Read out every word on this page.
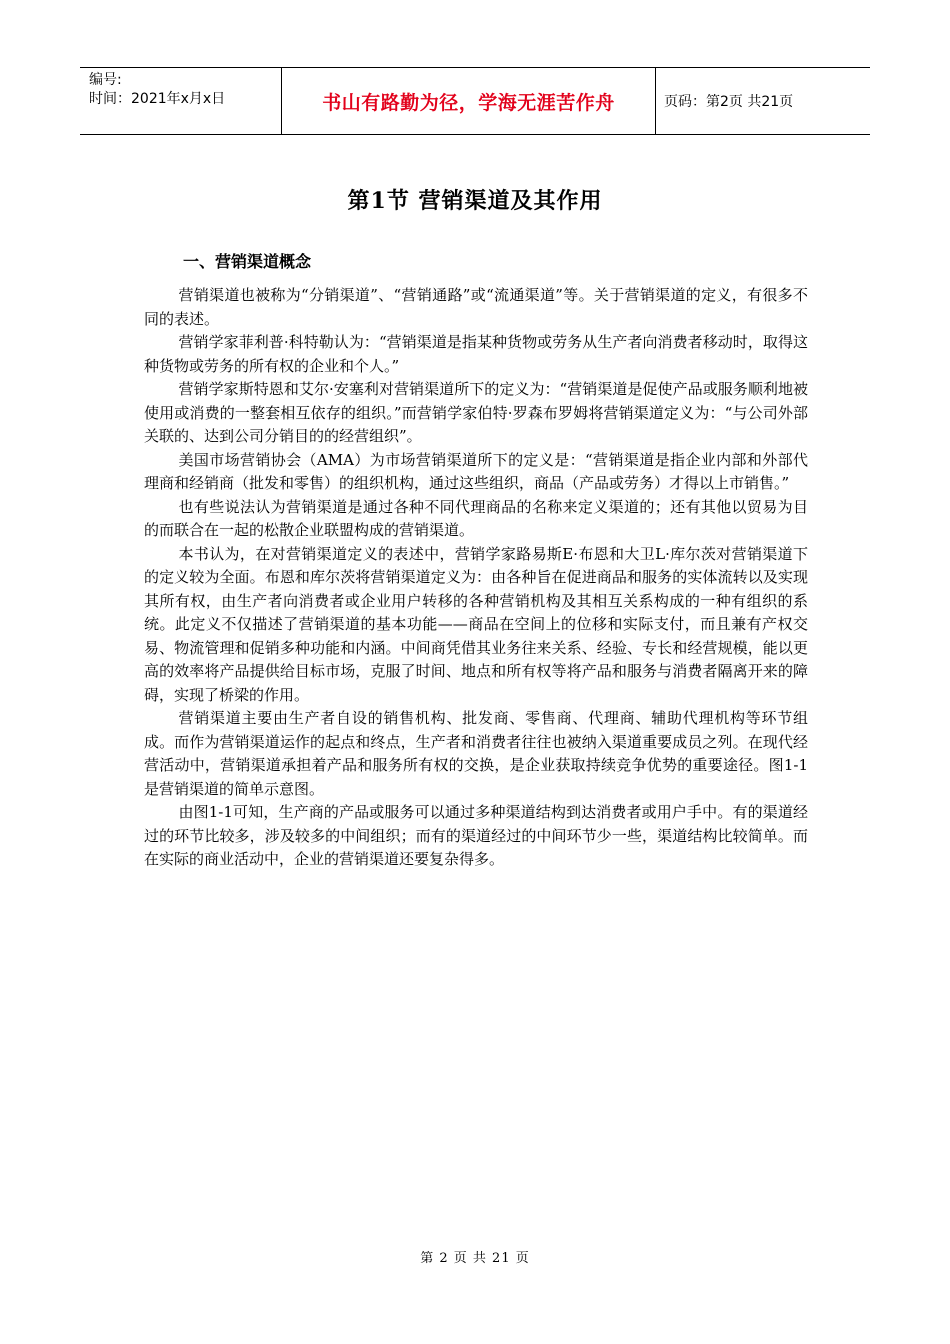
编号:
时间：2021年x月x日	书山有路勤为径，学海无涯苦作舟	页码：第2页 共21页
第1节 营销渠道及其作用
一、营销渠道概念

营销渠道也被称为“分销渠道”、“营销通路”或“流通渠道”等。关于营销渠道的定义，有很多不同的表述。

营销学家菲利普·科特勒认为：“营销渠道是指某种货物或劳务从生产者向消费者移动时，取得这种货物或劳务的所有权的企业和个人。”

营销学家斯特恩和艾尔·安塞利对营销渠道所下的定义为：“营销渠道是促使产品或服务顺利地被使用或消费的一整套相互依存的组织。”而营销学家伯特·罗森布罗姆将营销渠道定义为：“与公司外部关联的、达到公司分销目的的经营组织”。

美国市场营销协会（AMA）为市场营销渠道所下的定义是：“营销渠道是指企业内部和外部代理商和经销商（批发和零售）的组织机构，通过这些组织，商品（产品或劳务）才得以上市销售。”

也有些说法认为营销渠道是通过各种不同代理商品的名称来定义渠道的；还有其他以贸易为目的而联合在一起的松散企业联盟构成的营销渠道。

本书认为，在对营销渠道定义的表述中，营销学家路易斯E·布恩和大卫L·库尔茨对营销渠道下的定义较为全面。布恩和库尔茨将营销渠道定义为：由各种旨在促进商品和服务的实体流转以及实现其所有权，由生产者向消费者或企业用户转移的各种营销机构及其相互关系构成的一种有组织的系统。此定义不仅描述了营销渠道的基本功能——商品在空间上的位移和实际支付，而且兼有产权交易、物流管理和促销多种功能和内涵。中间商凭借其业务往来关系、经验、专长和经营规模，能以更高的效率将产品提供给目标市场，克服了时间、地点和所有权等将产品和服务与消费者隔离开来的障碍，实现了桥梁的作用。

营销渠道主要由生产者自设的销售机构、批发商、零售商、代理商、辅助代理机构等环节组成。而作为营销渠道运作的起点和终点，生产者和消费者往往也被纳入渠道重要成员之列。在现代经营活动中，营销渠道承担着产品和服务所有权的交换，是企业获取持续竞争优势的重要途径。图1-1是营销渠道的简单示意图。

由图1-1可知，生产商的产品或服务可以通过多种渠道结构到达消费者或用户手中。有的渠道经过的环节比较多，涉及较多的中间组织；而有的渠道经过的中间环节少一些，渠道结构比较简单。而在实际的商业活动中，企业的营销渠道还要复杂得多。

第 2 页 共 21 页
